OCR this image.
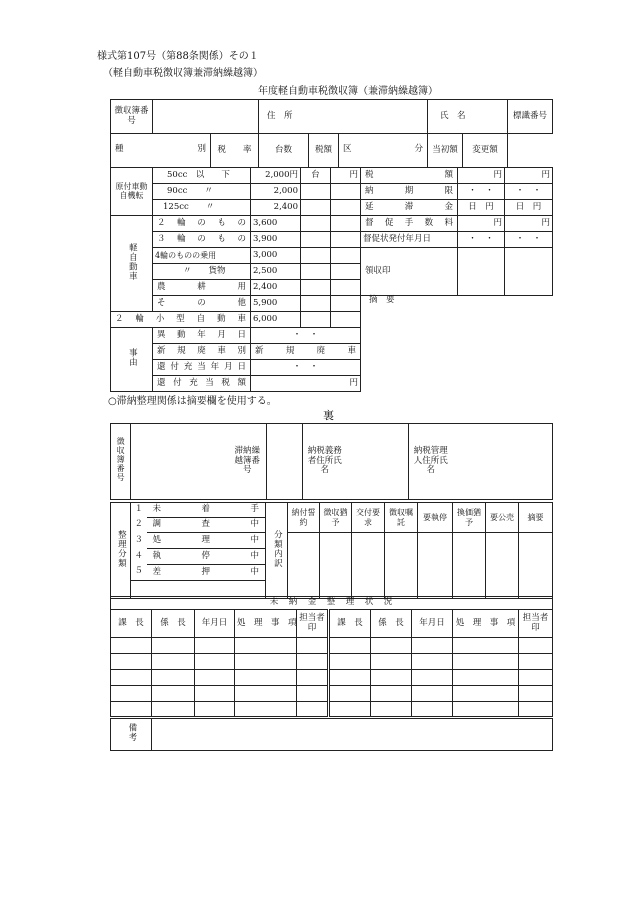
様式第107号（第88条関係）その１
（軽自動車税徴収簿兼滞納繰越簿）
年度軽自動車税徴収簿（兼滞納繰越簿）
徴収簿番　号			住　所				氏　名		標識番号

種 別		税　　率	台数	税額	区 分		当初額	変更額
原付車動自機転	50cc　以　　下	2,000円	台	円	税　　　　額	円	円
	90cc　　〃	2,000			納　　期　　限	・　・	・　・
	125cc　　〃	2,400			延　　滞　　金	日　円	日　円
軽自動車	２輪のもの	3,600			督　促　手　数　料	円	円
	３輪のもの	3,900			督促状発付年月日	・　・	・　・
	4輪のものの乗用	3,000			領収印		
	〃　　貨物	2,500					
	農　　耕　　用	2,400					
	そ　　の　　他	5,900			摘　要		
２輪小型自動車		6,000					
事由	異動年月日	・　・					
	新規廃車別	新　　規　　廃　　車					
	還付充当年月日	・　・					
	還付充当税額	円					
○滞納整理関係は摘要欄を使用する。
裏
徴収簿番号		滞納繰越簿番号		納税義務者住所氏名		納税管理人住所氏名	
整理分類	１	未　　着　　手	分類内訳	納付誓約	徴収猶予	交付要求	徴収嘱託	要執停	換価猶予	要公売	摘要
	２	調　　査　　中									
	３	処　　理　　中									
	４	執　　停　　中									
	５	差　　押　　中									

未　納　金　整　理　状　況									
課　長	係　長	年月日	処　理　事　項	担当者印	課　長	係　長	年月日	処　理　事　項	担当者印

備考	
